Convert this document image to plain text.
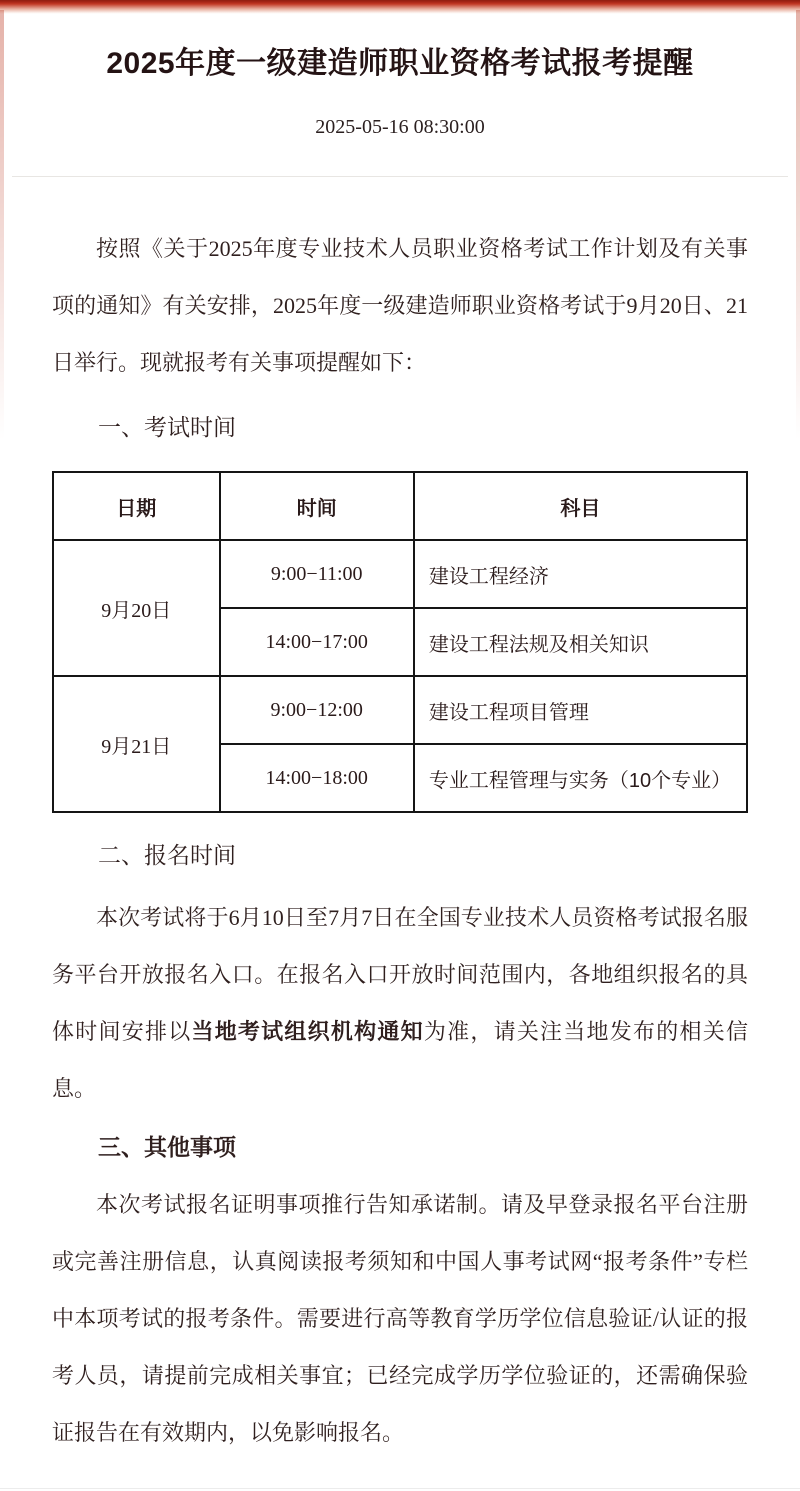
2025年度一级建造师职业资格考试报考提醒
2025-05-16 08:30:00

按照《关于2025年度专业技术人员职业资格考试工作计划及有关事项的通知》有关安排，2025年度一级建造师职业资格考试于9月20日、21日举行。现就报考有关事项提醒如下：

一、考试时间
日期	时间	科目
9月20日	9:00−11:00	建设工程经济
	14:00−17:00	建设工程法规及相关知识
9月21日	9:00−12:00	建设工程项目管理
	14:00−18:00	专业工程管理与实务（10个专业）
二、报名时间

本次考试将于6月10日至7月7日在全国专业技术人员资格考试报名服务平台开放报名入口。在报名入口开放时间范围内，各地组织报名的具体时间安排以当地考试组织机构通知为准，请关注当地发布的相关信息。

三、其他事项

本次考试报名证明事项推行告知承诺制。请及早登录报名平台注册或完善注册信息，认真阅读报考须知和中国人事考试网“报考条件”专栏中本项考试的报考条件。需要进行高等教育学历学位信息验证/认证的报考人员，请提前完成相关事宜；已经完成学历学位验证的，还需确保验证报告在有效期内，以免影响报名。
